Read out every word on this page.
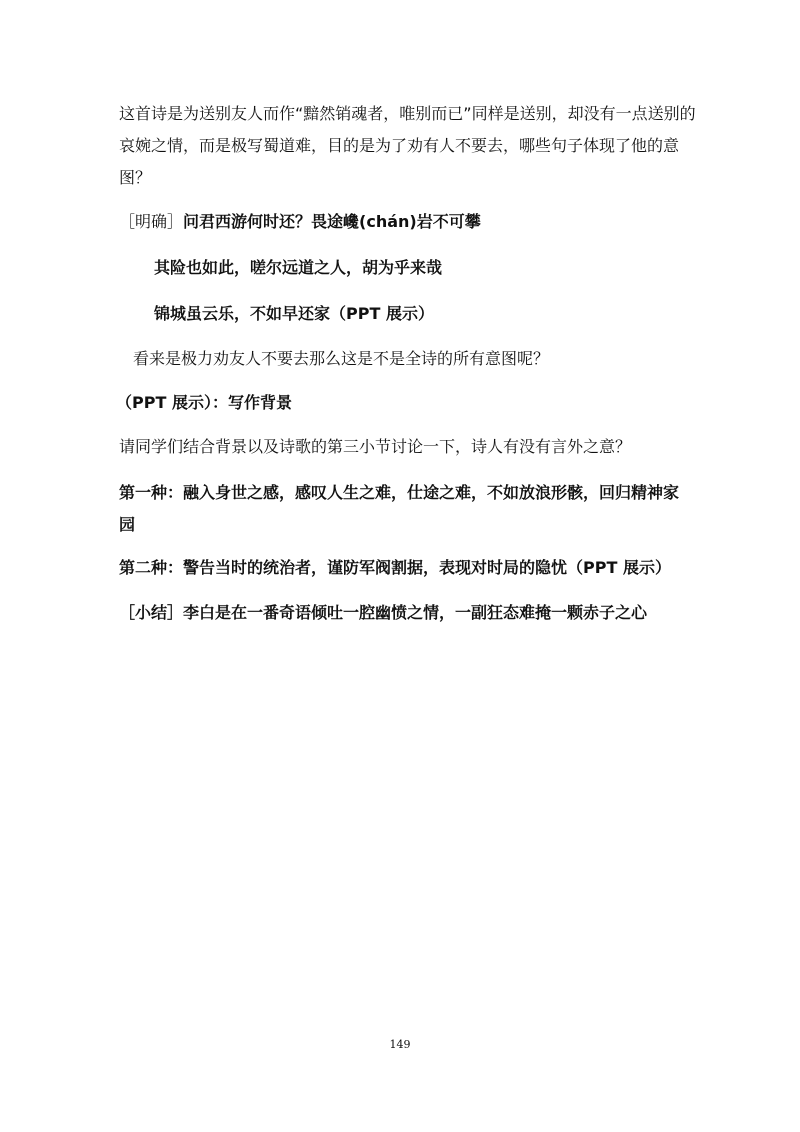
这首诗是为送别友人而作“黯然销魂者，唯别而已”同样是送别，却没有一点送别的哀婉之情，而是极写蜀道难，目的是为了劝有人不要去，哪些句子体现了他的意图？
［明确］问君西游何时还？畏途巉(chán)岩不可攀
其险也如此，嗟尔远道之人，胡为乎来哉
锦城虽云乐，不如早还家（PPT 展示）
看来是极力劝友人不要去那么这是不是全诗的所有意图呢？
（PPT 展示）：写作背景
请同学们结合背景以及诗歌的第三小节讨论一下，诗人有没有言外之意？
第一种：融入身世之感，感叹人生之难，仕途之难，不如放浪形骸，回归精神家园
第二种：警告当时的统治者，谨防军阀割据，表现对时局的隐忧（PPT 展示）
［小结］李白是在一番奇语倾吐一腔幽愤之情，一副狂态难掩一颗赤子之心
149
